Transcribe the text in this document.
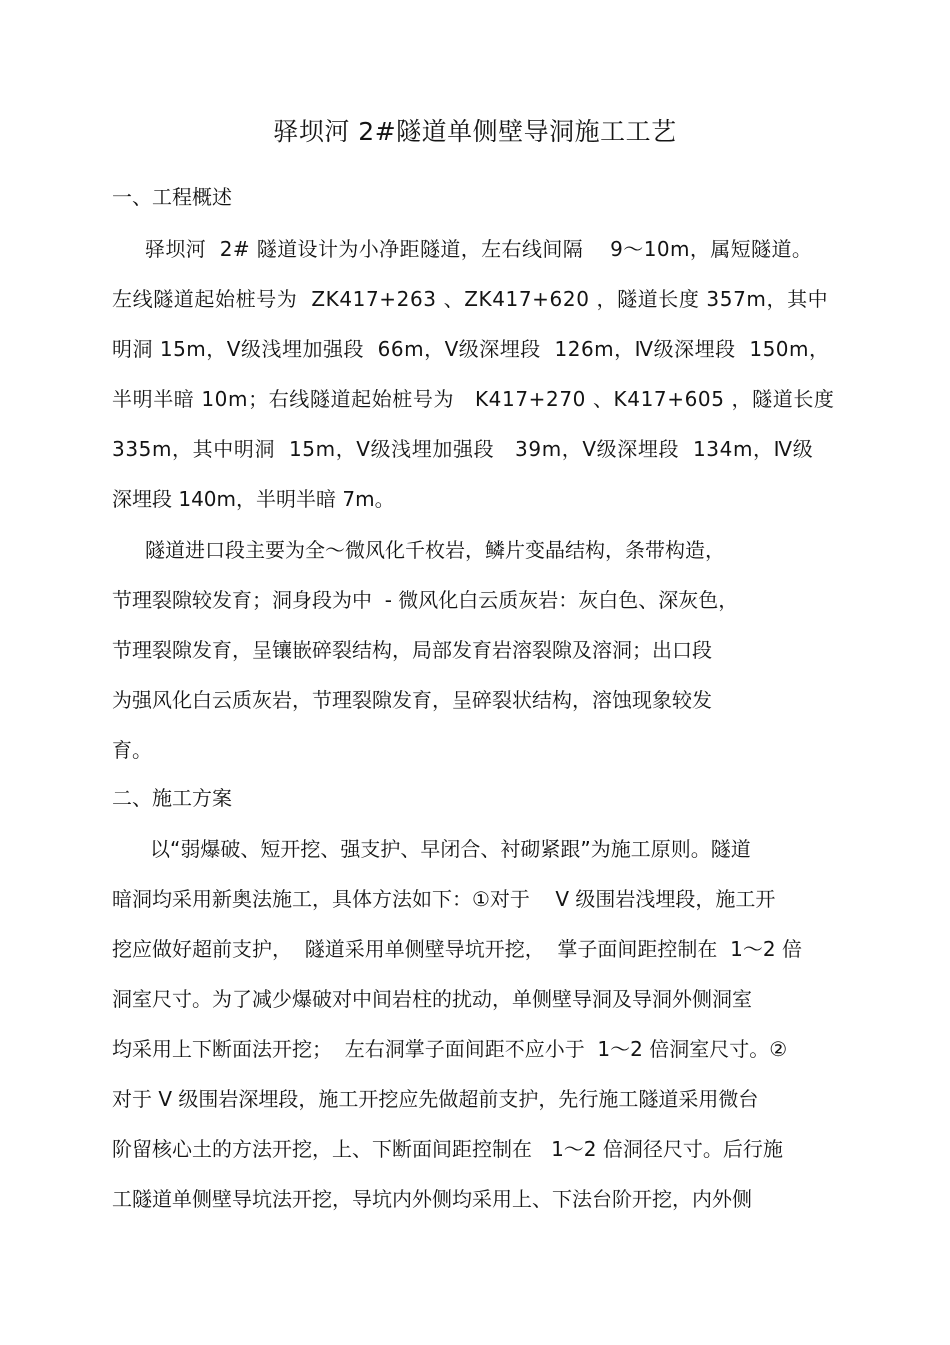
驿坝河 2#隧道单侧壁导洞施工工艺
一、工程概述
驿坝河  2# 隧道设计为小净距隧道，左右线间隔    9～10m，属短隧道。
左线隧道起始桩号为  ZK417+263 、ZK417+620 ，隧道长度 357m，其中
明洞 15m，Ⅴ级浅埋加强段  66m，Ⅴ级深埋段  126m，Ⅳ级深埋段  150m，
半明半暗 10m；右线隧道起始桩号为   K417+270 、K417+605 ，隧道长度
335m，其中明洞  15m，Ⅴ级浅埋加强段   39m，Ⅴ级深埋段  134m，Ⅳ级
深埋段 140m，半明半暗 7m。
隧道进口段主要为全～微风化千枚岩，鳞片变晶结构，条带构造，
节理裂隙较发育；洞身段为中  - 微风化白云质灰岩：灰白色、深灰色，
节理裂隙发育，呈镶嵌碎裂结构，局部发育岩溶裂隙及溶洞；出口段
为强风化白云质灰岩，节理裂隙发育，呈碎裂状结构，溶蚀现象较发
育。
二、施工方案
以“弱爆破、短开挖、强支护、早闭合、衬砌紧跟”为施工原则。隧道
暗洞均采用新奥法施工，具体方法如下：①对于    Ⅴ 级围岩浅埋段，施工开
挖应做好超前支护，  隧道采用单侧壁导坑开挖，  掌子面间距控制在  1～2 倍
洞室尺寸。为了减少爆破对中间岩柱的扰动，单侧壁导洞及导洞外侧洞室
均采用上下断面法开挖；  左右洞掌子面间距不应小于  1～2 倍洞室尺寸。②
对于 Ⅴ 级围岩深埋段，施工开挖应先做超前支护，先行施工隧道采用微台
阶留核心土的方法开挖，上、下断面间距控制在   1～2 倍洞径尺寸。后行施
工隧道单侧壁导坑法开挖，导坑内外侧均采用上、下法台阶开挖，内外侧
